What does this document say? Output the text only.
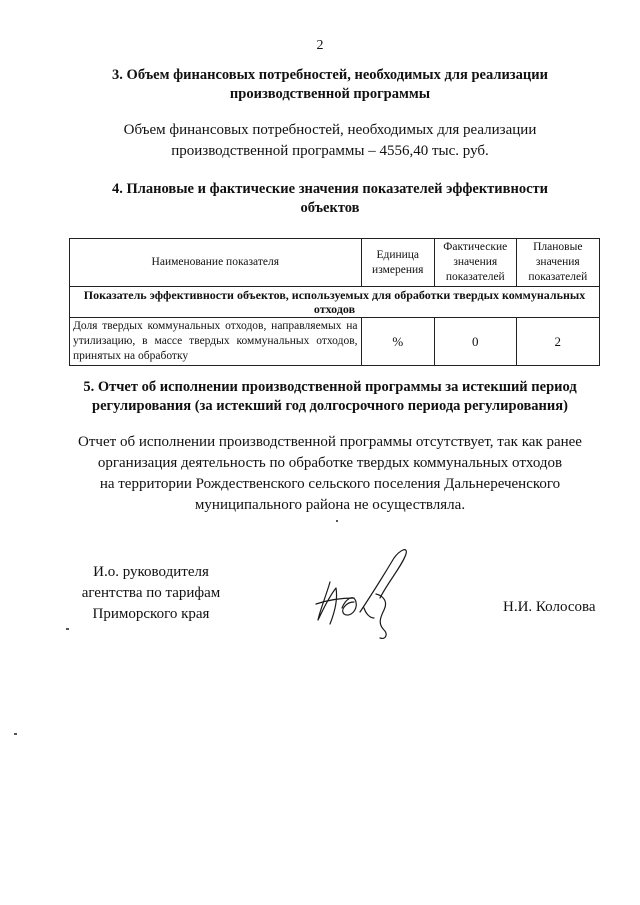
2
3. Объем финансовых потребностей, необходимых для реализации
производственной программы

Объем финансовых потребностей, необходимых для реализации
производственной программы – 4556,40 тыс. руб.

4. Плановые и фактические значения показателей эффективности
объектов
Наименование показателя	Единица измерения	Фактические значения показателей	Плановые значения показателей
Показатель эффективности объектов, используемых для обработки твердых коммунальных отходов			
Доля твердых коммунальных отходов, направляемых на утилизацию, в массе твердых коммунальных отходов, принятых на обработку	%	0	2
5. Отчет об исполнении производственной программы за истекший период
регулирования (за истекший год долгосрочного периода регулирования)

Отчет об исполнении производственной программы отсутствует, так как ранее
организация деятельность по обработке твердых коммунальных отходов
на территории Рождественского сельского поселения Дальнереченского
муниципального района не осуществляла.

И.о. руководителя
агентства по тарифам
Приморского края	Н.И. Колосова
